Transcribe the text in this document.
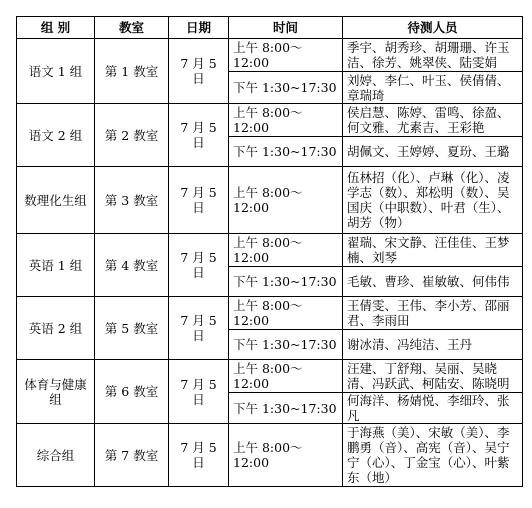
组 别	教室	日期	时间	待测人员
语文 1 组	第 1 教室	7 月 5 日	上午 8:00～12:00	季宇、胡秀珍、胡珊珊、许玉洁、徐芳、姚翠侠、陆雯娟
			下午 1:30~17:30	刘婷、李仁、叶玉、侯倩倩、章瑞琦
语文 2 组	第 2 教室	7 月 5 日	上午 8:00～12:00	侯启慧、陈婷、雷鸣、徐盈、何文雅、尤素吉、王彩艳
			下午 1:30~17:30	胡佩文、王婷婷、夏玢、王璐
数理化生组	第 3 教室	7 月 5 日	上午 8:00～12:00	伍林招（化）、卢琳（化）、凌学志（数）、郑松明（数）、吴国庆（中职数）、叶君（生）、胡芳（物）
英语 1 组	第 4 教室	7 月 5 日	上午 8:00～12:00	翟瑞、宋文静、汪佳佳、王梦楠、刘琴
			下午 1:30~17:30	毛敏、曹珍、崔敏敏、何伟伟
英语 2 组	第 5 教室	7 月 5 日	上午 8:00～12:00	王倩雯、王伟、李小芳、邵丽君、李雨田
			下午 1:30~17:30	谢冰清、冯纯洁、王丹
体育与健康组	第 6 教室	7 月 5 日	上午 8:00～12:00	汪建、丁舒翔、吴丽、吴晓清、冯跃武、柯陆安、陈晓明
			下午 1:30~17:30	何海洋、杨婧悦、李细玲、张凡
综合组	第 7 教室	7 月 5 日	上午 8:00～12:00	于海燕（美）、宋敏（美）、李鹏勇（音）、高宪（音）、吴宁宁（心）、丁金宝（心）、叶紫东（地）
